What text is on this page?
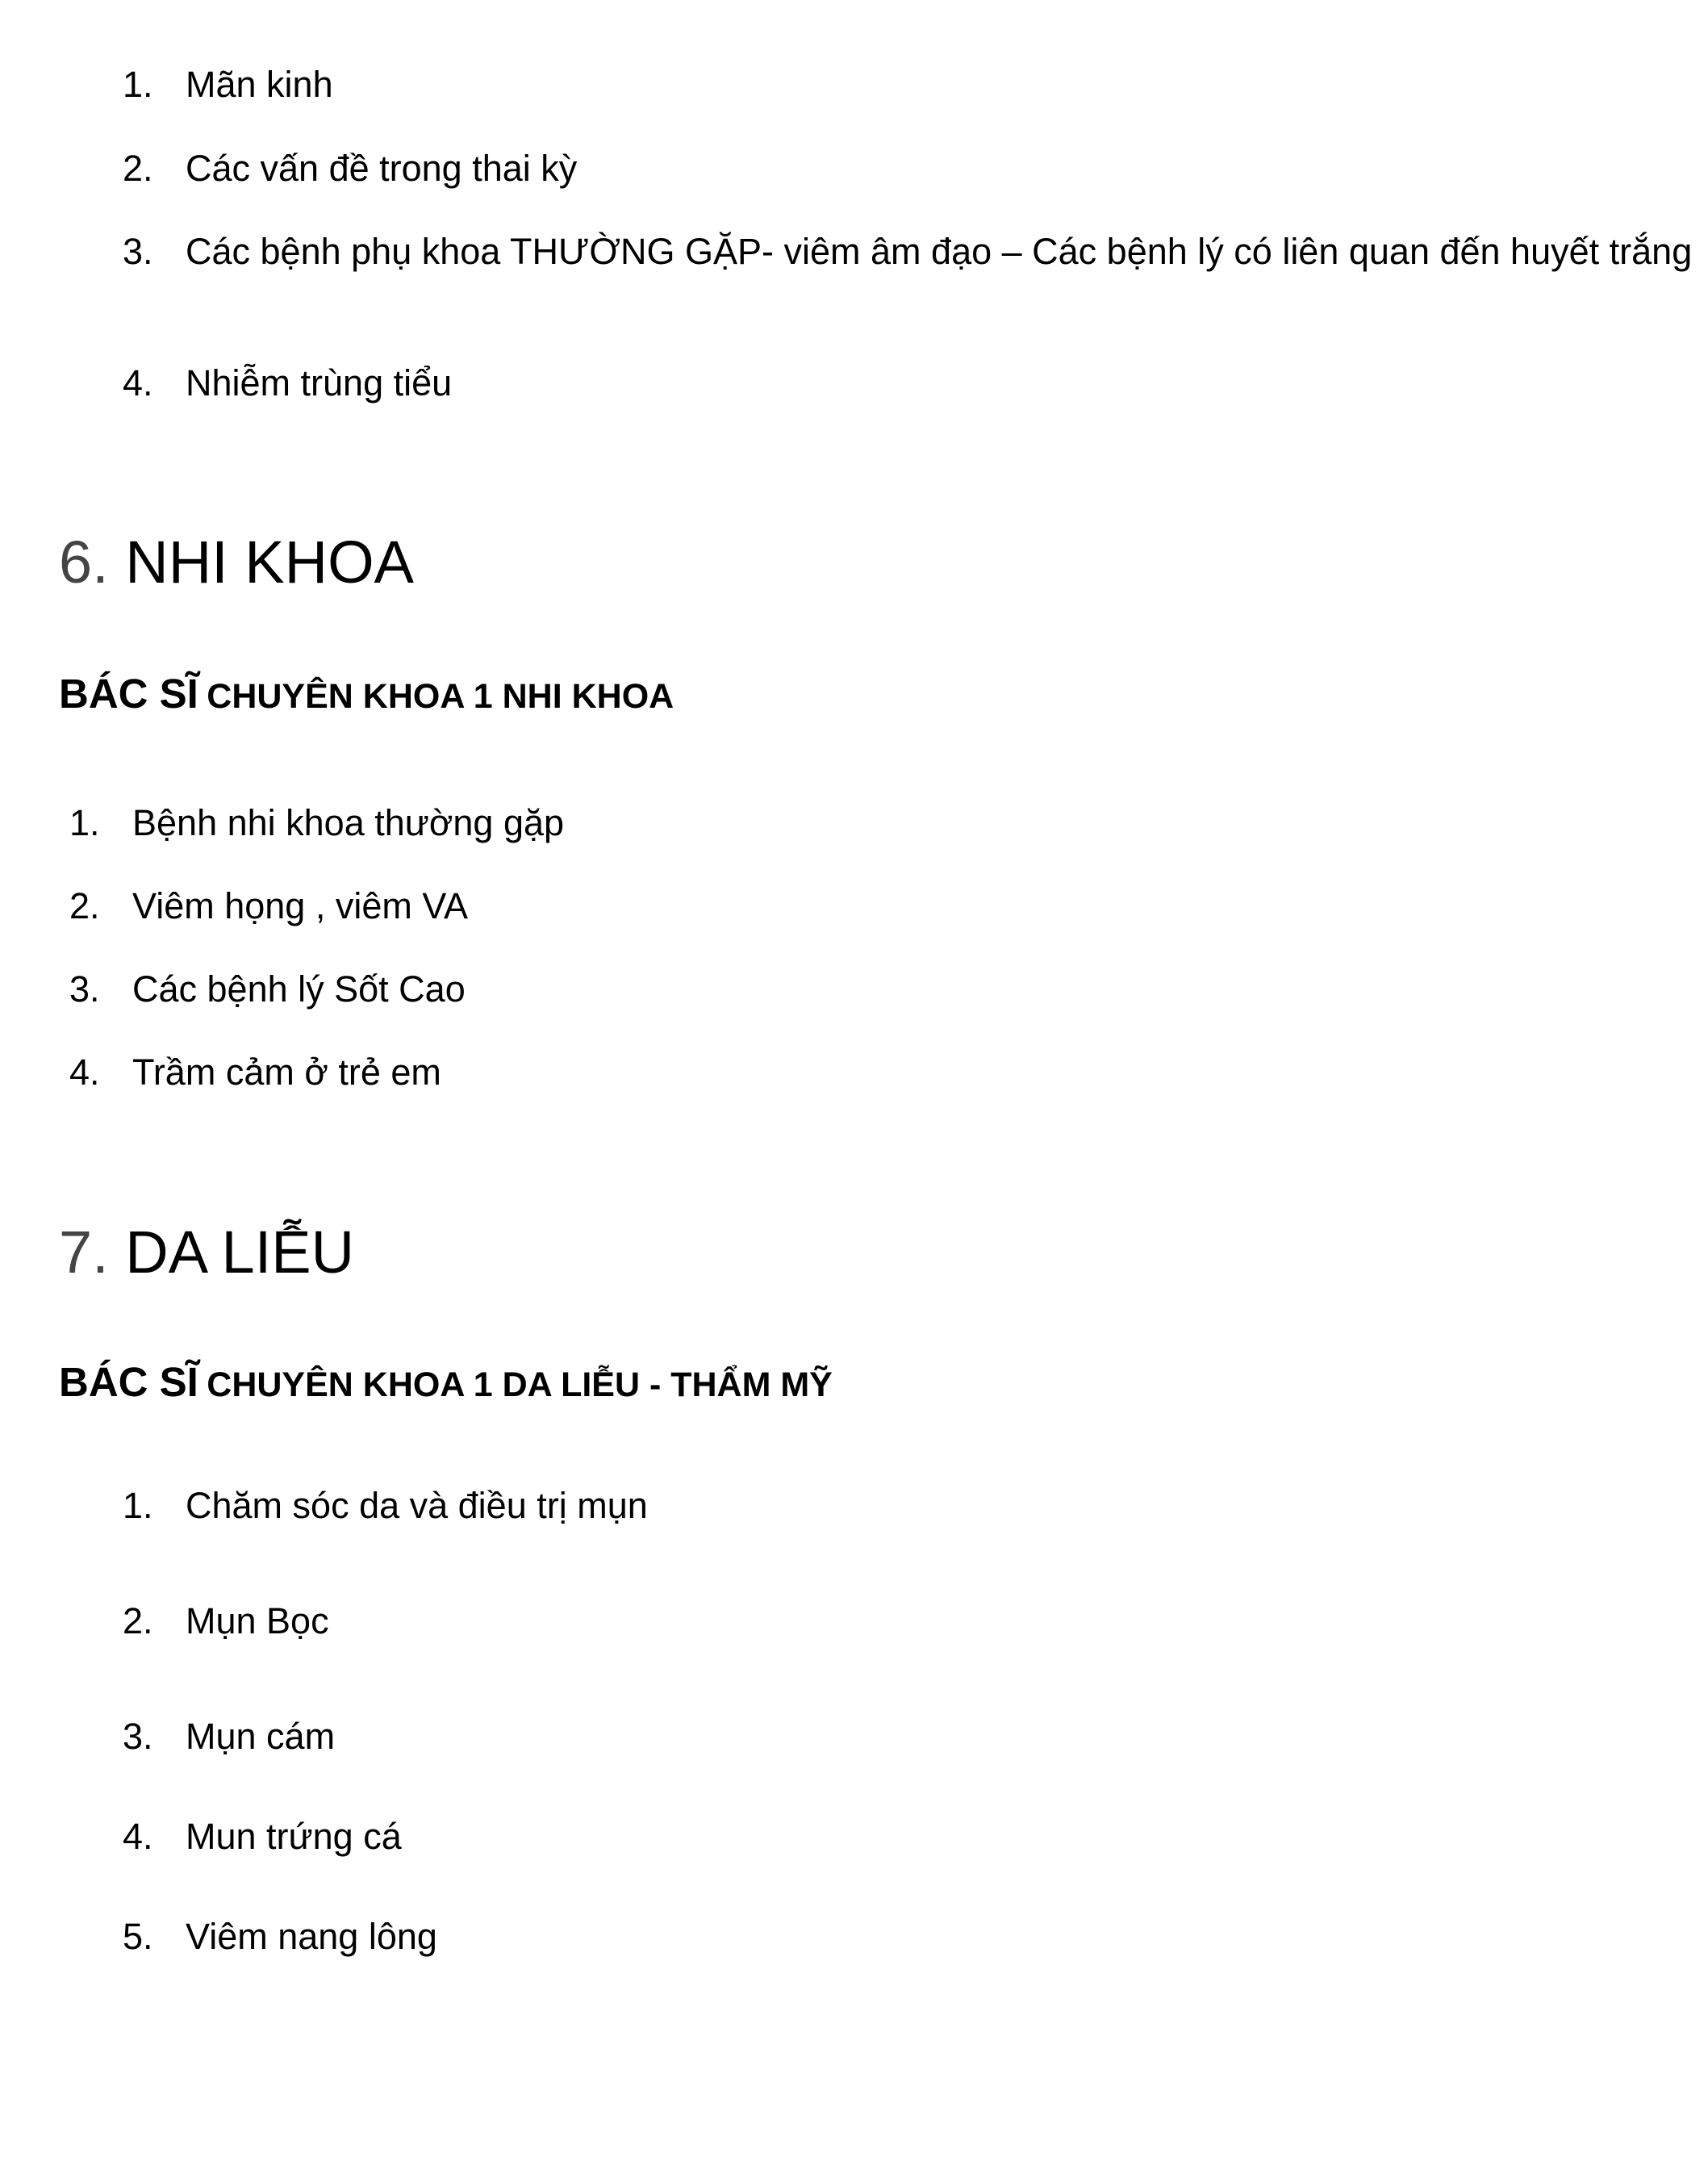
1. Mãn kinh
2. Các vấn đề trong thai kỳ
3. Các bệnh phụ khoa THƯỜNG GẶP- viêm âm đạo – Các bệnh lý có liên quan đến huyết trắng
4. Nhiễm trùng tiểu
6. NHI KHOA
BÁC SĨ CHUYÊN KHOA 1 NHI KHOA
1. Bệnh nhi khoa thường gặp
2. Viêm họng , viêm VA
3. Các bệnh lý Sốt Cao
4. Trầm cảm ở trẻ em
7. DA LIỄU
BÁC SĨ CHUYÊN KHOA 1 DA LIỄU - THẨM MỸ
1. Chăm sóc da và điều trị mụn
2. Mụn Bọc
3. Mụn cám
4. Mun trứng cá
5. Viêm nang lông
